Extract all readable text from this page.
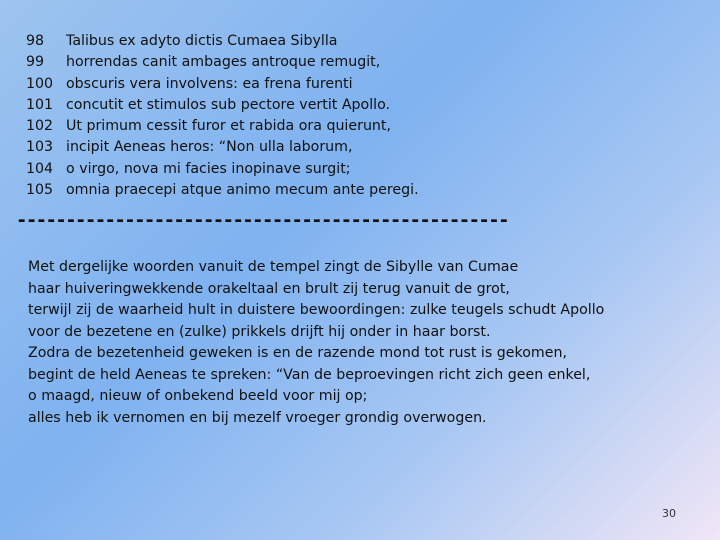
98	Talibus ex adyto dictis Cumaea Sibylla
99	horrendas canit ambages antroque remugit,
100 obscuris vera involvens: ea frena furenti
101 concutit et stimulos sub pectore vertit Apollo.
102 Ut primum cessit furor et rabida ora quierunt,
103 incipit Aeneas heros: “Non ulla laborum,
104 o virgo, nova mi facies inopinave surgit;
105 omnia praecepi atque animo mecum ante peregi.
--------------------------------------------------
Met dergelijke woorden vanuit de tempel zingt de Sibylle van Cumae
haar huiveringwekkende orakeltaal en brult zij terug vanuit de grot,
terwijl zij de waarheid hult in duistere bewoordingen: zulke teugels schudt Apollo
voor de bezetene en (zulke) prikkels drijft hij onder in haar borst.
Zodra de bezetenheid geweken is en de razende mond tot rust is gekomen,
begint de held Aeneas te spreken: “Van de beproevingen richt zich geen enkel,
o maagd, nieuw of onbekend beeld voor mij op;
alles heb ik vernomen en bij mezelf vroeger grondig overwogen.
30
